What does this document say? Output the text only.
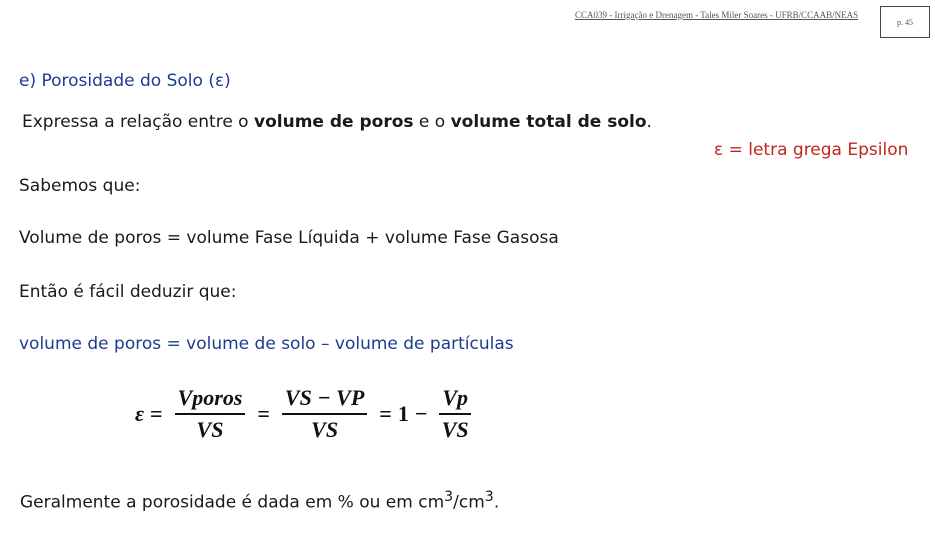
CCA039 - Irrigação e Drenagem - Tales Miler Soares - UFRB/CCAAB/NEAS
p. 45
e) Porosidade do Solo (ε)
Expressa a relação entre o volume de poros e o volume total de solo.
ε = letra grega Epsilon
Sabemos que:
Volume de poros = volume Fase Líquida + volume Fase Gasosa
Então é fácil deduzir que:
volume de poros = volume de solo – volume de partículas
$\varepsilon = \frac{\text{Vporos}}{VS} = \frac{VS - VP}{VS} = 1 - \frac{Vp}{VS}$
Geralmente a porosidade é dada em % ou em $cm^3/cm^3$.
